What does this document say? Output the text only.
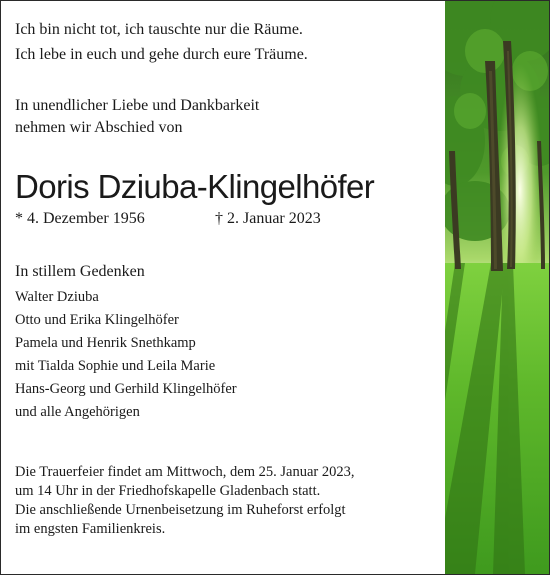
Ich bin nicht tot, ich tauschte nur die Räume.
Ich lebe in euch und gehe durch eure Träume.
In unendlicher Liebe und Dankbarkeit
nehmen wir Abschied von
Doris Dziuba-Klingelhöfer
* 4. Dezember 1956	† 2. Januar 2023
In stillem Gedenken
Walter Dziuba
Otto und Erika Klingelhöfer
Pamela und Henrik Snethkamp
mit Tialda Sophie und Leila Marie
Hans-Georg und Gerhild Klingelhöfer
und alle Angehörigen
Die Trauerfeier findet am Mittwoch, dem 25. Januar 2023,
um 14 Uhr in der Friedhofskapelle Gladenbach statt.
Die anschließende Urnenbeisetzung im Ruheforst erfolgt
im engsten Familienkreis.
